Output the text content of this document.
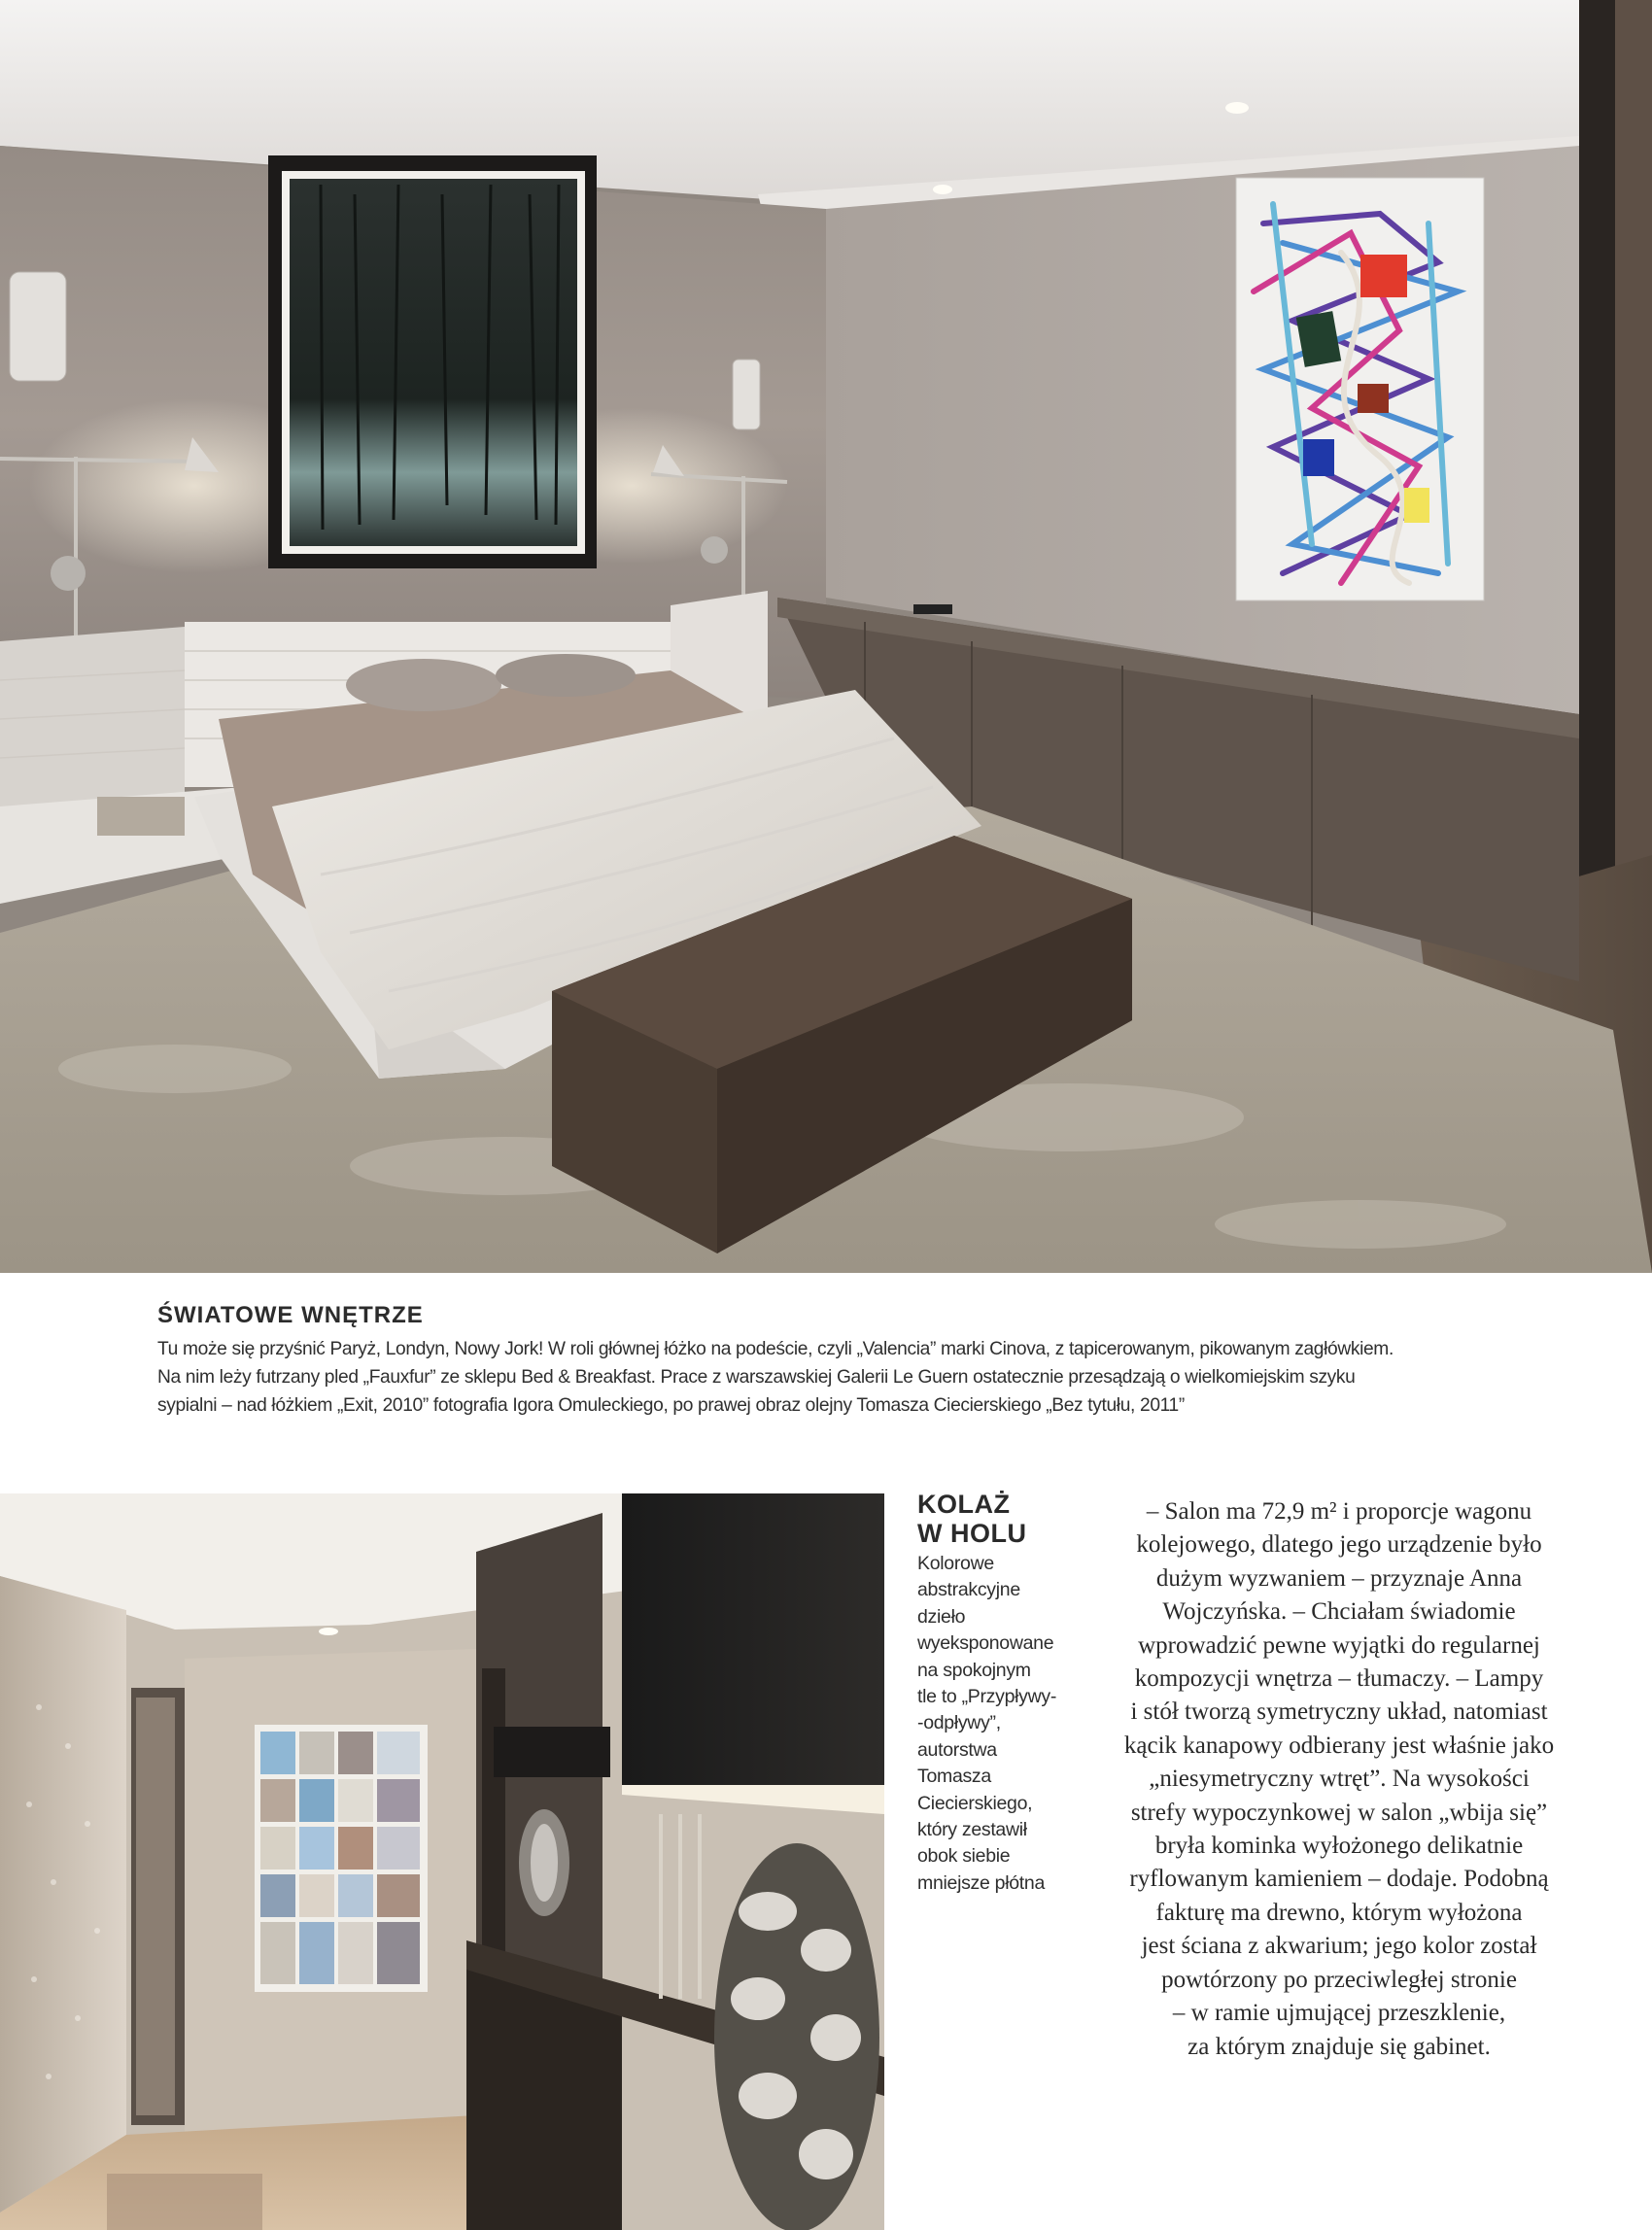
ŚWIATOWE WNĘTRZE
Tu może się przyśnić Paryż, Londyn, Nowy Jork! W roli głównej łóżko na podeście, czyli „Valencia” marki Cinova, z tapicerowanym, pikowanym zagłówkiem.
Na nim leży futrzany pled „Fauxfur” ze sklepu Bed & Breakfast. Prace z warszawskiej Galerii Le Guern ostatecznie przesądzają o wielkomiejskim szyku
sypialni – nad łóżkiem „Exit, 2010” fotografia Igora Omuleckiego, po prawej obraz olejny Tomasza Ciecierskiego „Bez tytułu, 2011”
KOLAŻ
W HOLU
Kolorowe
abstrakcyjne
dzieło
wyeksponowane
na spokojnym
tle to „Przypływy-
-odpływy”,
autorstwa
Tomasza
Ciecierskiego,
który zestawił
obok siebie
mniejsze płótna
– Salon ma 72,9 m² i proporcje wagonu
kolejowego, dlatego jego urządzenie było
dużym wyzwaniem – przyznaje Anna
Wojczyńska. – Chciałam świadomie
wprowadzić pewne wyjątki do regularnej
kompozycji wnętrza – tłumaczy. – Lampy
i stół tworzą symetryczny układ, natomiast
kącik kanapowy odbierany jest właśnie jako
„niesymetryczny wtręt”. Na wysokości
strefy wypoczynkowej w salon „wbija się”
bryła kominka wyłożonego delikatnie
ryflowanym kamieniem – dodaje. Podobną
fakturę ma drewno, którym wyłożona
jest ściana z akwarium; jego kolor został
powtórzony po przeciwległej stronie
– w ramie ujmującej przeszklenie,
za którym znajduje się gabinet.
